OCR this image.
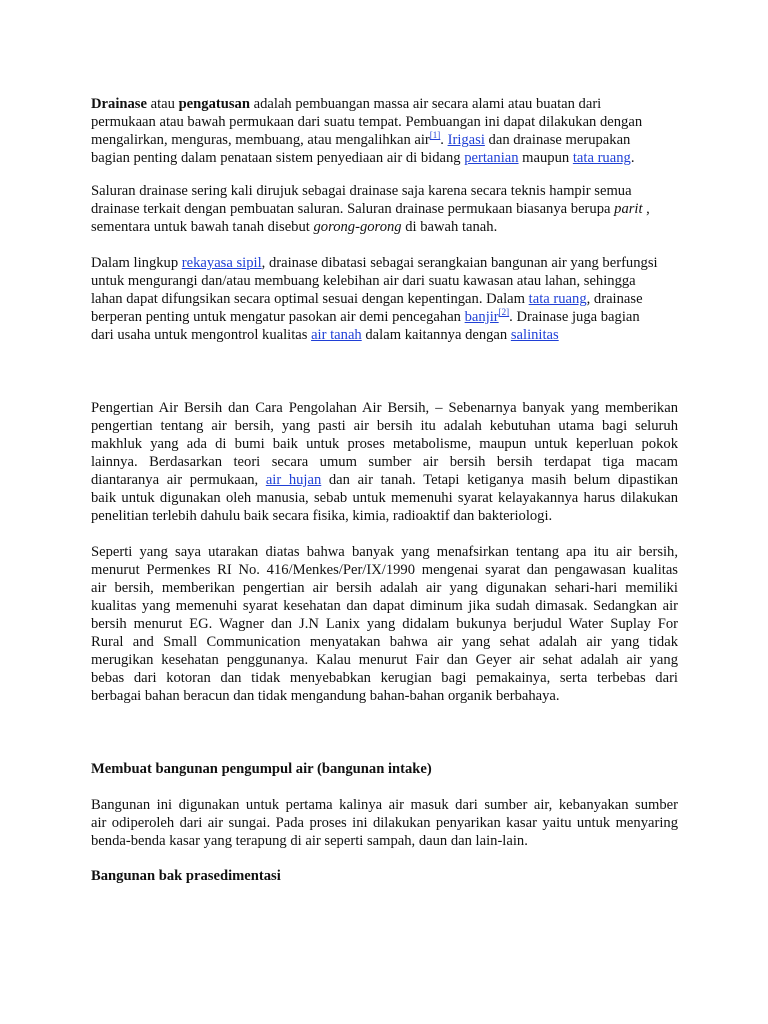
Drainase atau pengatusan adalah pembuangan massa air secara alami atau buatan dari
permukaan atau bawah permukaan dari suatu tempat. Pembuangan ini dapat dilakukan dengan
mengalirkan, menguras, membuang, atau mengalihkan air[1]. Irigasi dan drainase merupakan
bagian penting dalam penataan sistem penyediaan air di bidang pertanian maupun tata ruang.
Saluran drainase sering kali dirujuk sebagai drainase saja karena secara teknis hampir semua
drainase terkait dengan pembuatan saluran. Saluran drainase permukaan biasanya berupa parit ,
sementara untuk bawah tanah disebut gorong-gorong di bawah tanah.
Dalam lingkup rekayasa sipil, drainase dibatasi sebagai serangkaian bangunan air yang berfungsi
untuk mengurangi dan/atau membuang kelebihan air dari suatu kawasan atau lahan, sehingga
lahan dapat difungsikan secara optimal sesuai dengan kepentingan. Dalam tata ruang, drainase
berperan penting untuk mengatur pasokan air demi pencegahan banjir[2]. Drainase juga bagian
dari usaha untuk mengontrol kualitas air tanah dalam kaitannya dengan salinitas
Pengertian Air Bersih dan Cara Pengolahan Air Bersih, – Sebenarnya banyak yang memberikan
pengertian tentang air bersih, yang pasti air bersih itu adalah kebutuhan utama bagi seluruh
makhluk yang ada di bumi baik untuk proses metabolisme, maupun untuk keperluan pokok
lainnya. Berdasarkan teori secara umum sumber air bersih bersih terdapat tiga macam
diantaranya air permukaan, air hujan dan air tanah. Tetapi ketiganya masih belum dipastikan
baik untuk digunakan oleh manusia, sebab untuk memenuhi syarat kelayakannya harus dilakukan
penelitian terlebih dahulu baik secara fisika, kimia, radioaktif dan bakteriologi.
Seperti yang saya utarakan diatas bahwa banyak yang menafsirkan tentang apa itu air bersih,
menurut Permenkes RI No. 416/Menkes/Per/IX/1990 mengenai syarat dan pengawasan kualitas
air bersih, memberikan pengertian air bersih adalah air yang digunakan sehari-hari memiliki
kualitas yang memenuhi syarat kesehatan dan dapat diminum jika sudah dimasak. Sedangkan air
bersih menurut EG. Wagner dan J.N Lanix yang didalam bukunya berjudul Water Suplay For
Rural and Small Communication menyatakan bahwa air yang sehat adalah air yang tidak
merugikan kesehatan penggunanya. Kalau menurut Fair dan Geyer air sehat adalah air yang
bebas dari kotoran dan tidak menyebabkan kerugian bagi pemakainya, serta terbebas dari
berbagai bahan beracun dan tidak mengandung bahan-bahan organik berbahaya.
Membuat bangunan pengumpul air (bangunan intake)
Bangunan ini digunakan untuk pertama kalinya air masuk dari sumber air, kebanyakan sumber
air odiperoleh dari air sungai. Pada proses ini dilakukan penyarikan kasar yaitu untuk menyaring
benda-benda kasar yang terapung di air seperti sampah, daun dan lain-lain.
Bangunan bak prasedimentasi
